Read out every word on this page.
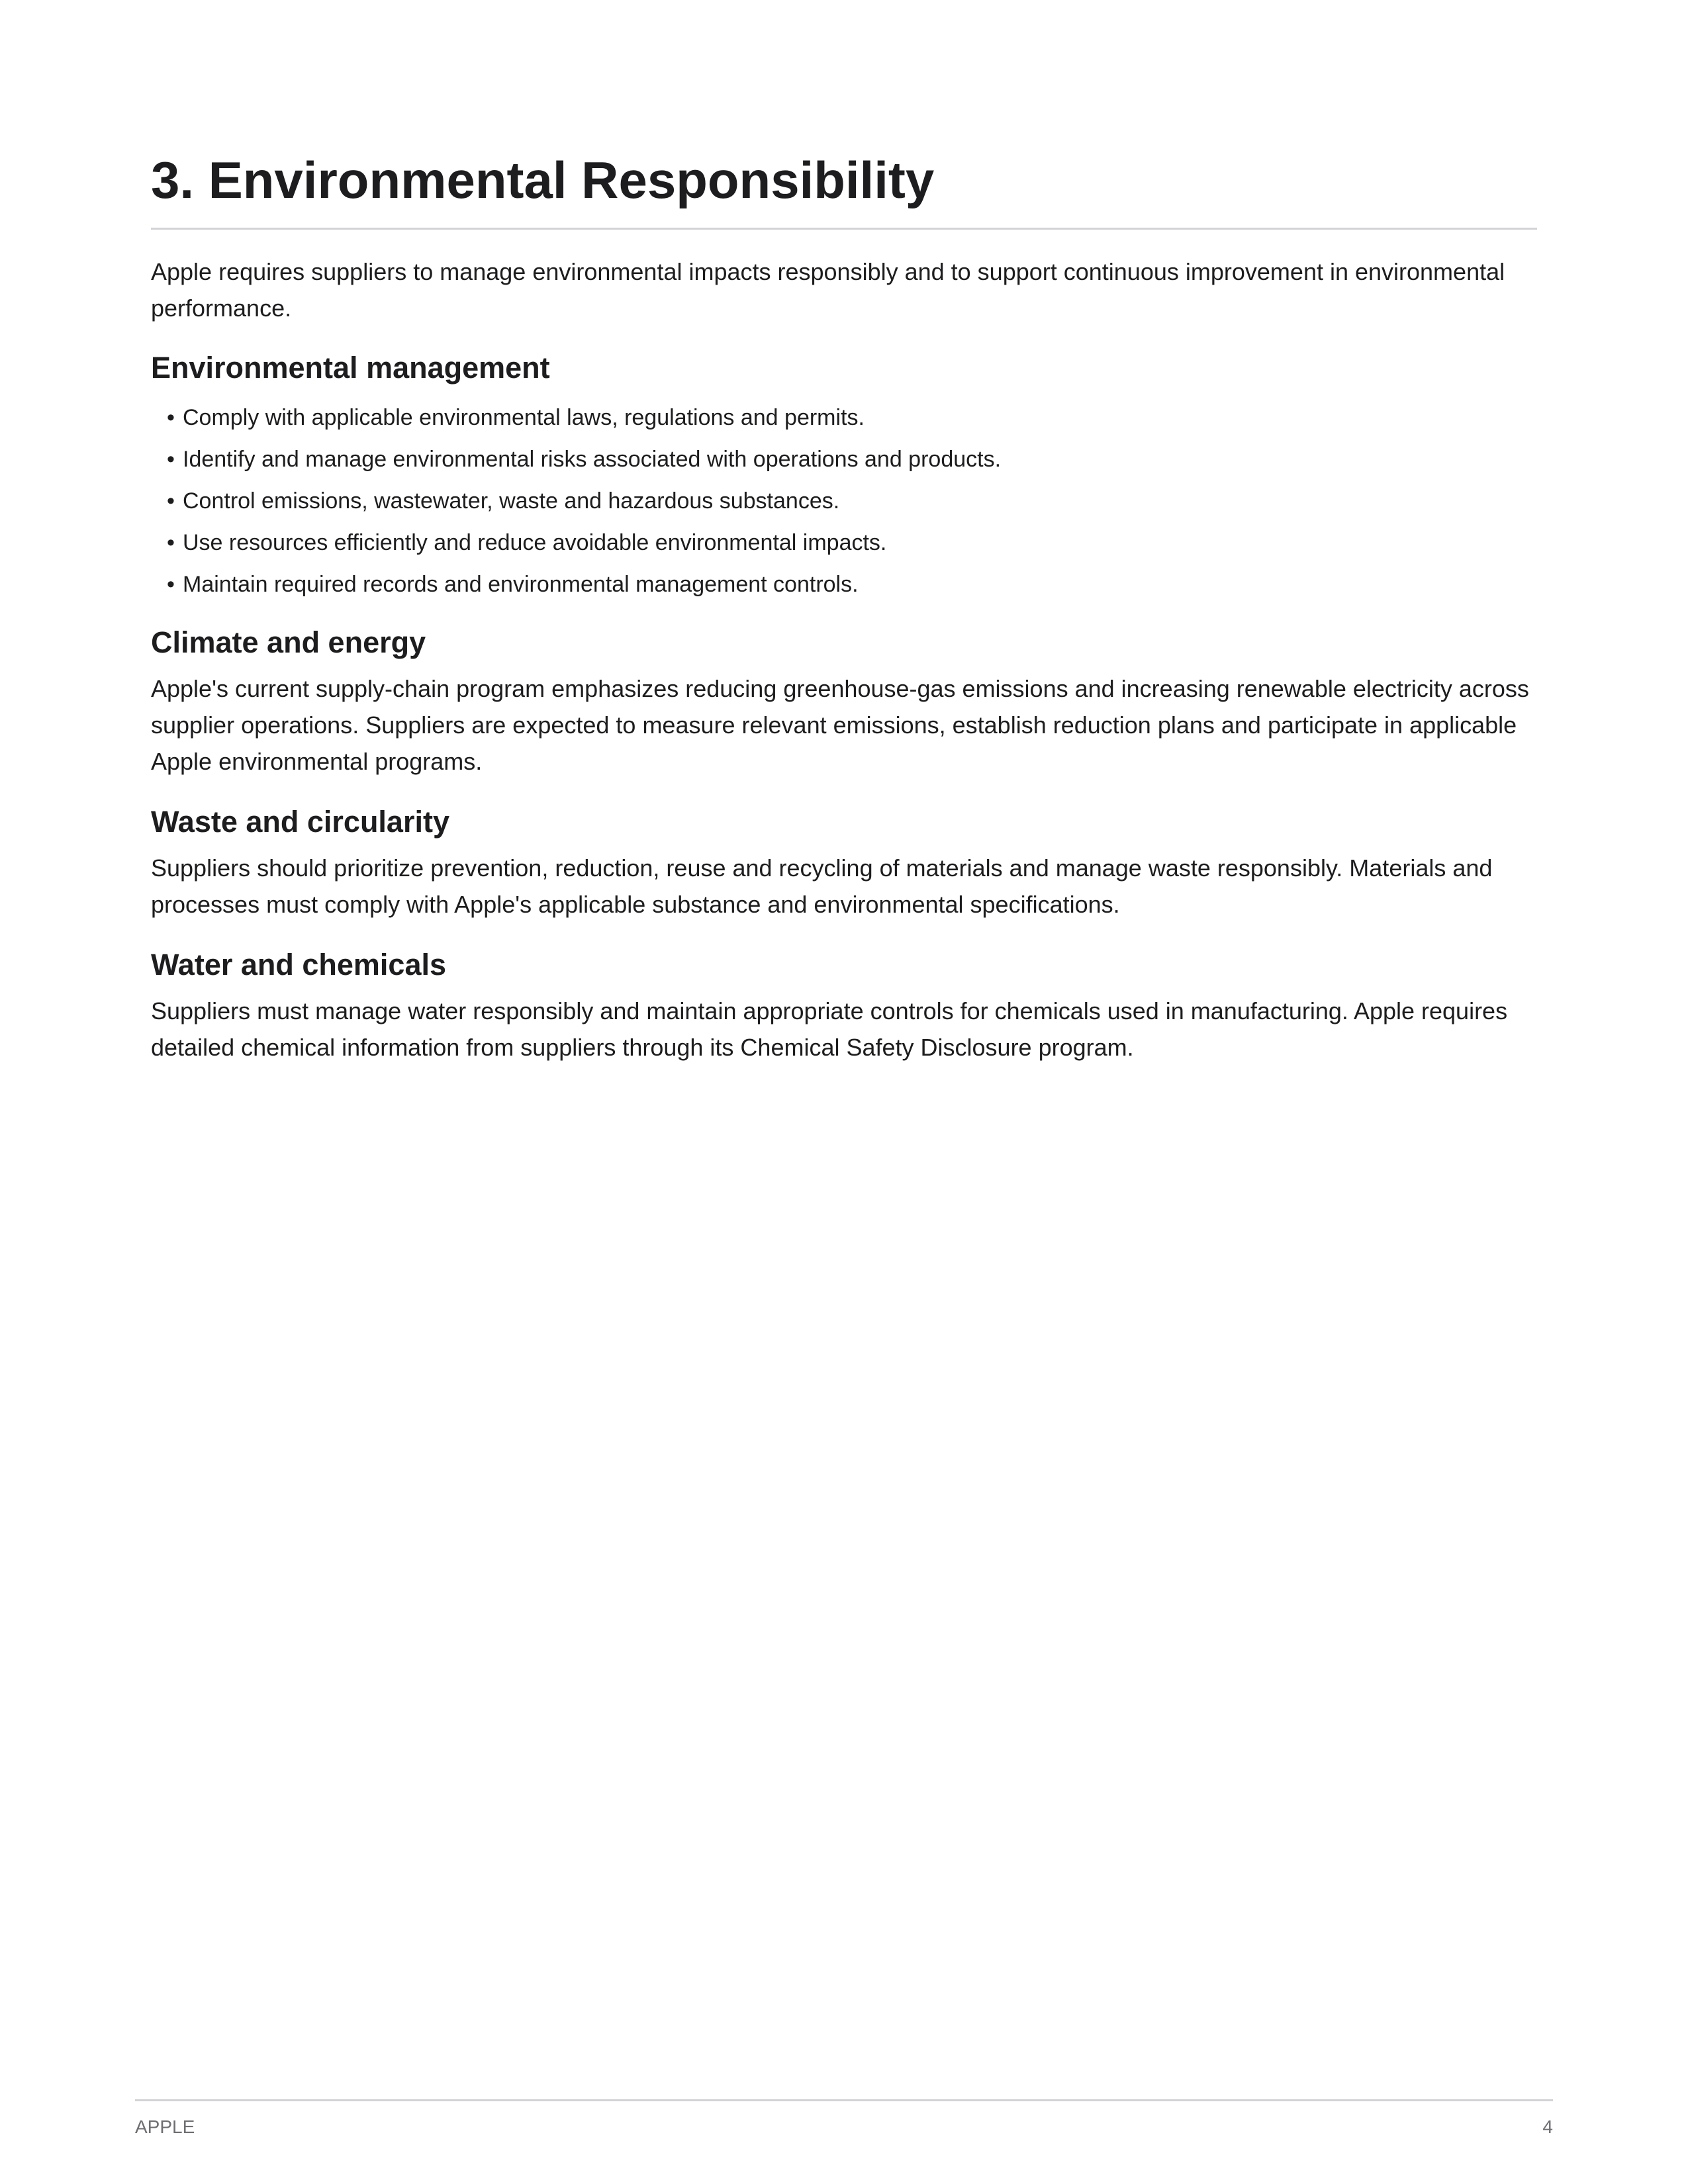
3. Environmental Responsibility

Apple requires suppliers to manage environmental impacts responsibly and to support continuous improvement in environmental performance.

Environmental management
• Comply with applicable environmental laws, regulations and permits.
• Identify and manage environmental risks associated with operations and products.
• Control emissions, wastewater, waste and hazardous substances.
• Use resources efficiently and reduce avoidable environmental impacts.
• Maintain required records and environmental management controls.
Climate and energy

Apple's current supply-chain program emphasizes reducing greenhouse-gas emissions and increasing renewable electricity across supplier operations. Suppliers are expected to measure relevant emissions, establish reduction plans and participate in applicable Apple environmental programs.

Waste and circularity

Suppliers should prioritize prevention, reduction, reuse and recycling of materials and manage waste responsibly. Materials and processes must comply with Apple's applicable substance and environmental specifications.

Water and chemicals

Suppliers must manage water responsibly and maintain appropriate controls for chemicals used in manufacturing. Apple requires detailed chemical information from suppliers through its Chemical Safety Disclosure program.

APPLE	4
